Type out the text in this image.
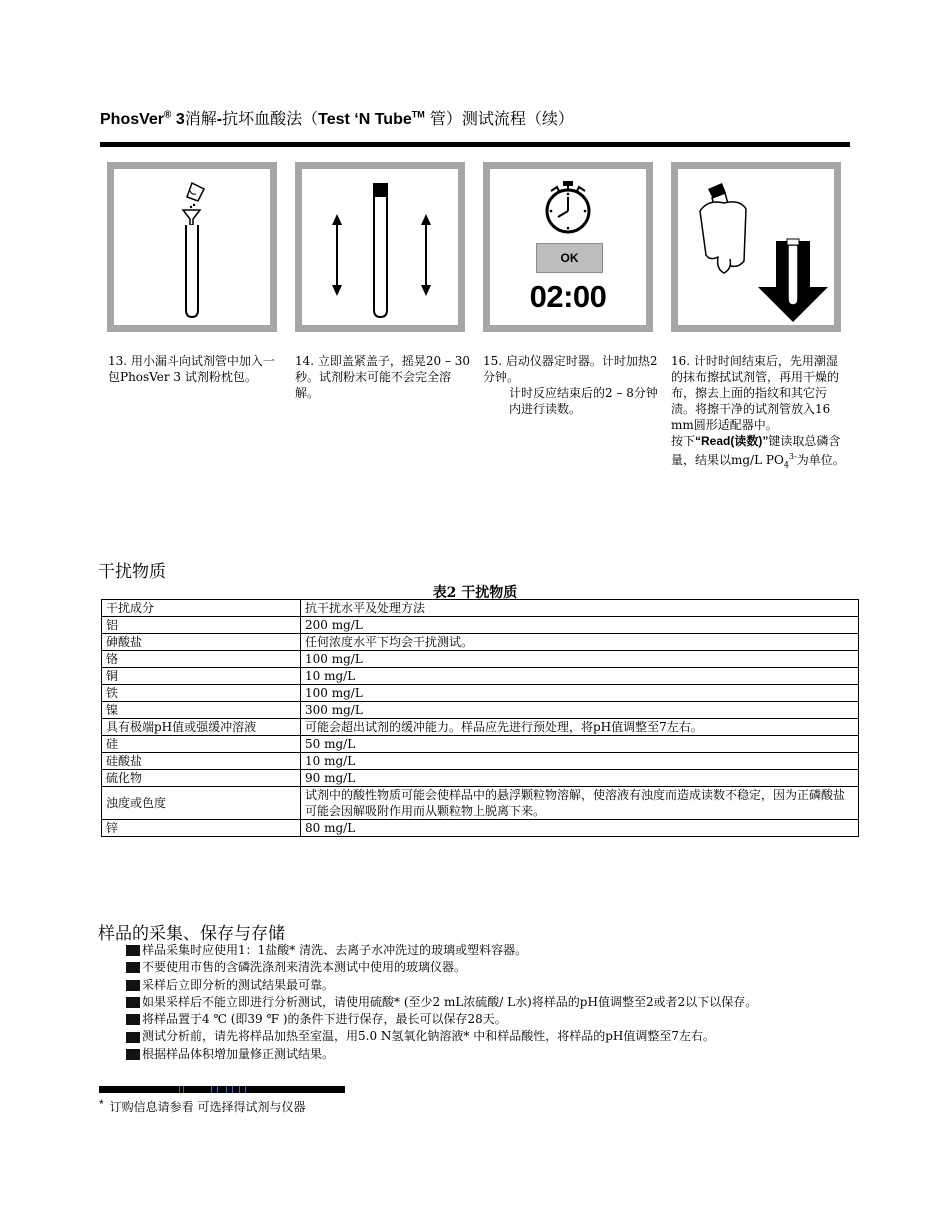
PhosVer® 3消解-抗坏血酸法（Test ‘N Tube™ 管）测试流程（续）
OK
02:00
13. 用小漏斗向试剂管中加入一包PhosVer 3 试剂粉枕包。
14. 立即盖紧盖子，摇晃20 – 30秒。试剂粉末可能不会完全溶解。
15. 启动仪器定时器。计时加热2分钟。
计时反应结束后的2 – 8分钟内进行读数。
16. 计时时间结束后，先用潮湿的抹布擦拭试剂管，再用干燥的布，擦去上面的指纹和其它污渍。将擦干净的试剂管放入16 mm圆形适配器中。
按下“Read(读数)”键读取总磷含量，结果以mg/L $PO_4^{3-}$为单位。
干扰物质
表2 干扰物质
干扰成分	抗干扰水平及处理方法
铝	200 mg/L
砷酸盐	任何浓度水平下均会干扰测试。
铬	100 mg/L
铜	10 mg/L
铁	100 mg/L
镍	300 mg/L
具有极端pH值或强缓冲溶液	可能会超出试剂的缓冲能力。样品应先进行预处理，将pH值调整至7左右。
硅	50 mg/L
硅酸盐	10 mg/L
硫化物	90 mg/L
浊度或色度	试剂中的酸性物质可能会使样品中的悬浮颗粒物溶解，使溶液有浊度而造成读数不稳定，因为正磷酸盐可能会因解吸附作用而从颗粒物上脱离下来。
锌	80 mg/L
样品的采集、保存与存储
样品采集时应使用1：1盐酸* 清洗、去离子水冲洗过的玻璃或塑料容器。
不要使用市售的含磷洗涤剂来清洗本测试中使用的玻璃仪器。
采样后立即分析的测试结果最可靠。
如果采样后不能立即进行分析测试，请使用硫酸* (至少2 mL浓硫酸/ L水)将样品的pH值调整至2或者2以下以保存。
将样品置于4 ℃ (即39 ℉ )的条件下进行保存，最长可以保存28天。
测试分析前，请先将样品加热至室温，用5.0 N氢氧化钠溶液* 中和样品酸性，将样品的pH值调整至7左右。
根据样品体积增加量修正测试结果。
* 订购信息请参看 可选择得试剂与仪器
